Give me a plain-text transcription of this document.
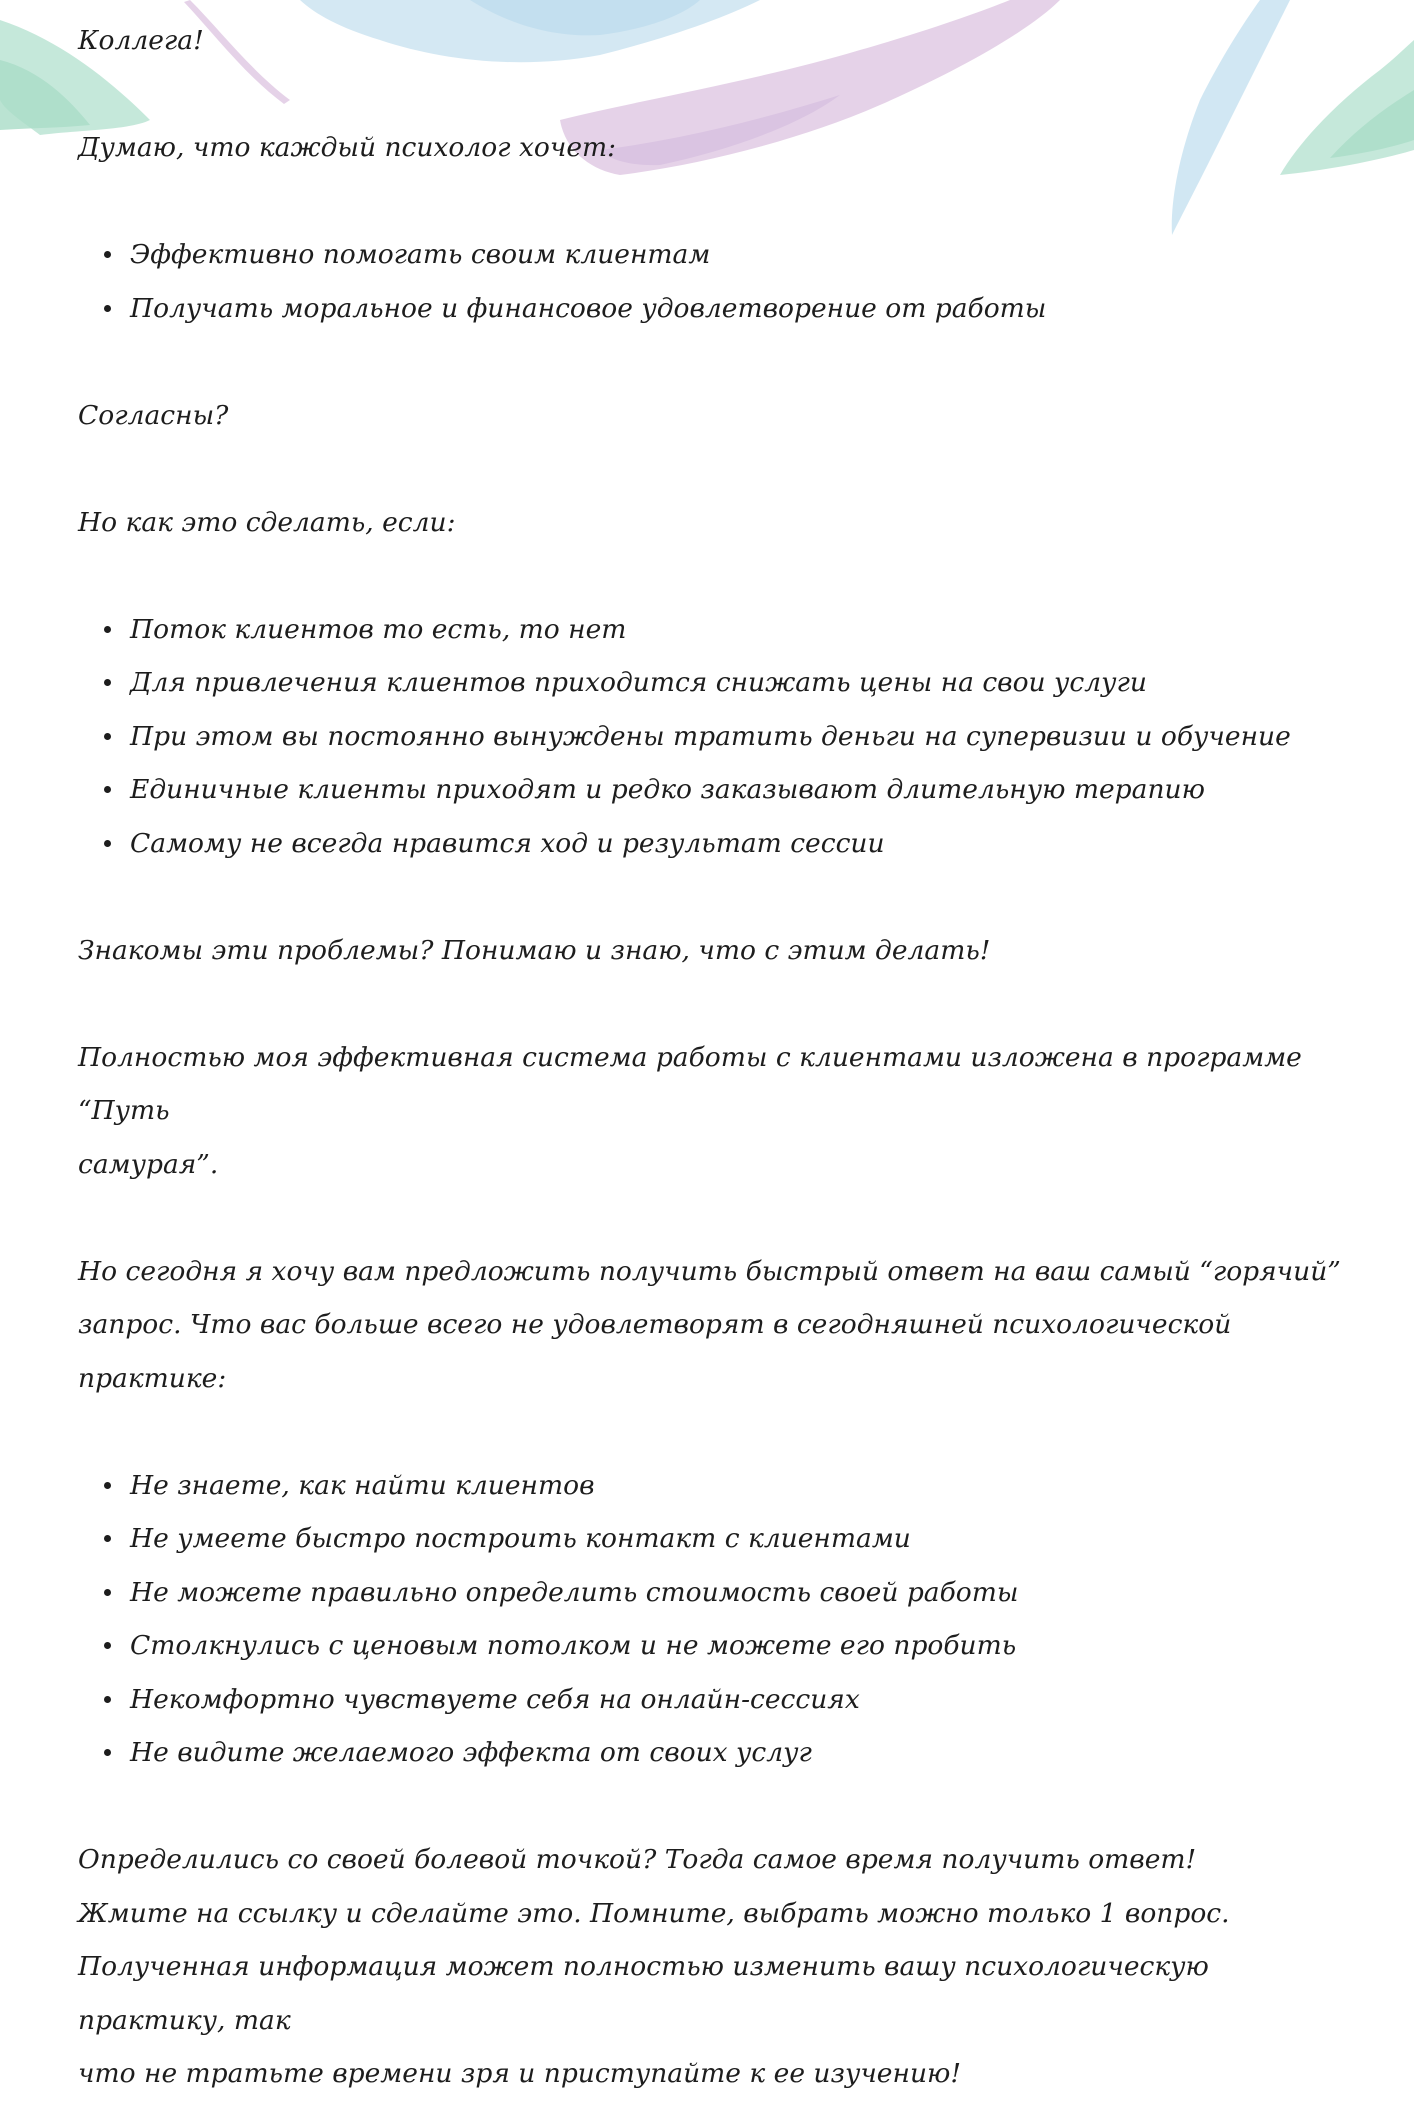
Коллега!

Думаю, что каждый психолог хочет:

Эффективно помогать своим клиентам
Получать моральное и финансовое удовлетворение от работы

Согласны?

Но как это сделать, если:

Поток клиентов то есть, то нет
Для привлечения клиентов приходится снижать цены на свои услуги
При этом вы постоянно вынуждены тратить деньги на супервизии и обучение
Единичные клиенты приходят и редко заказывают длительную терапию
Самому не всегда нравится ход и результат сессии

Знакомы эти проблемы? Понимаю и знаю, что с этим делать!

Полностью моя эффективная система работы с клиентами изложена в программе “Путь

самурая”.

Но сегодня я хочу вам предложить получить быстрый ответ на ваш самый “горячий”

запрос. Что вас больше всего не удовлетворят в сегодняшней психологической практике:

Не знаете, как найти клиентов
Не умеете быстро построить контакт с клиентами
Не можете правильно определить стоимость своей работы
Столкнулись с ценовым потолком и не можете его пробить
Некомфортно чувствуете себя на онлайн-сессиях
Не видите желаемого эффекта от своих услуг

Определились со своей болевой точкой? Тогда самое время получить ответ!

Жмите на ссылку и сделайте это. Помните, выбрать можно только 1 вопрос.

Полученная информация может полностью изменить вашу психологическую практику, так

что не тратьте времени зря и приступайте к ее изучению!
